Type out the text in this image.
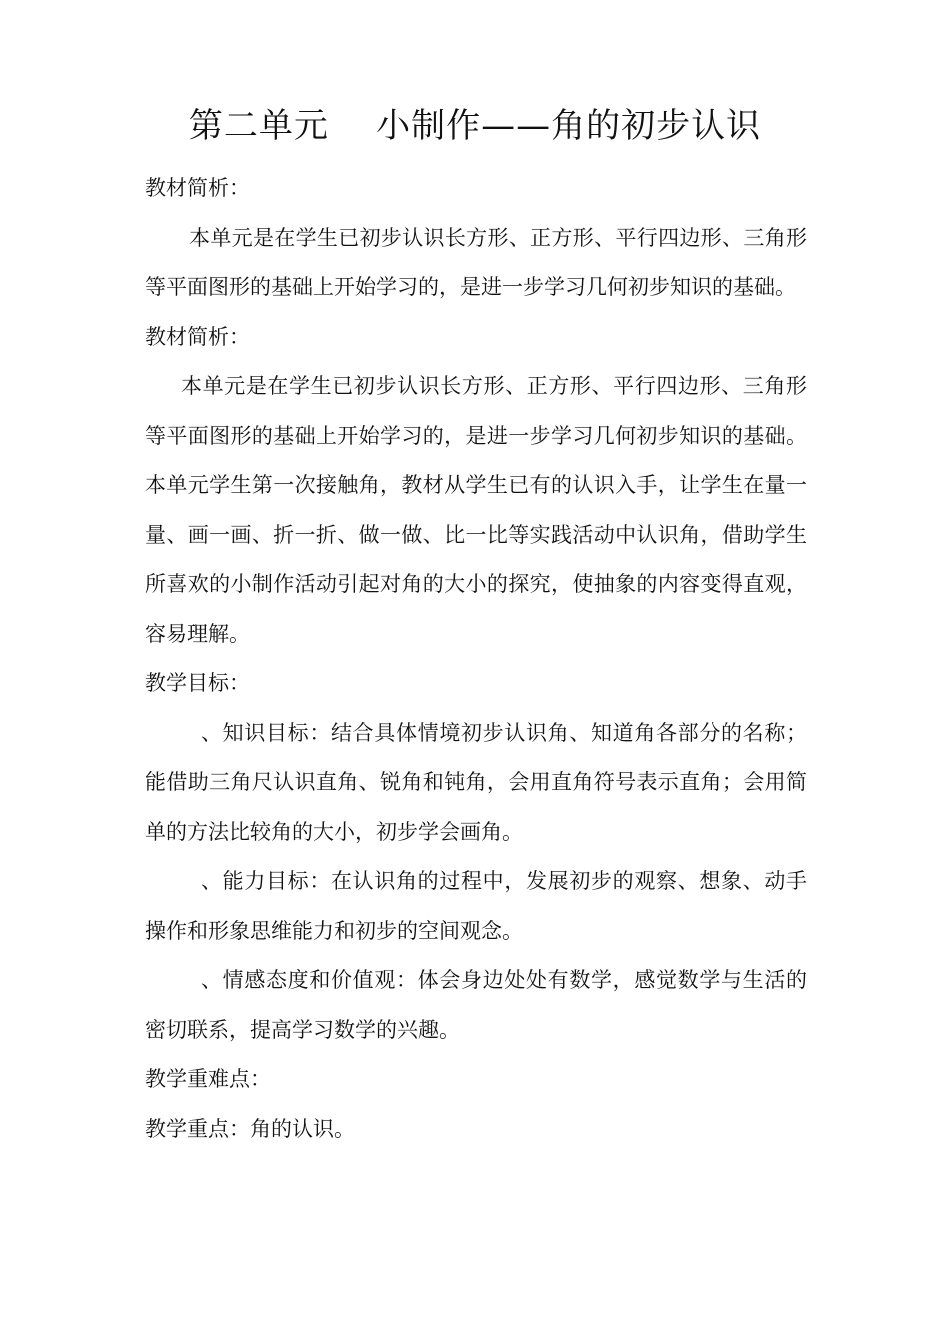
第二单元    小制作——角的初步认识

教材简析：

本单元是在学生已初步认识长方形、正方形、平行四边形、三角形等平面图形的基础上开始学习的，是进一步学习几何初步知识的基础。

教材简析：

本单元是在学生已初步认识长方形、正方形、平行四边形、三角形等平面图形的基础上开始学习的，是进一步学习几何初步知识的基础。本单元学生第一次接触角，教材从学生已有的认识入手，让学生在量一量、画一画、折一折、做一做、比一比等实践活动中认识角，借助学生所喜欢的小制作活动引起对角的大小的探究，使抽象的内容变得直观，容易理解。

教学目标：

、知识目标：结合具体情境初步认识角、知道角各部分的名称；能借助三角尺认识直角、锐角和钝角，会用直角符号表示直角；会用简单的方法比较角的大小，初步学会画角。

、能力目标：在认识角的过程中，发展初步的观察、想象、动手操作和形象思维能力和初步的空间观念。

、情感态度和价值观：体会身边处处有数学，感觉数学与生活的密切联系，提高学习数学的兴趣。

教学重难点：

教学重点：角的认识。
